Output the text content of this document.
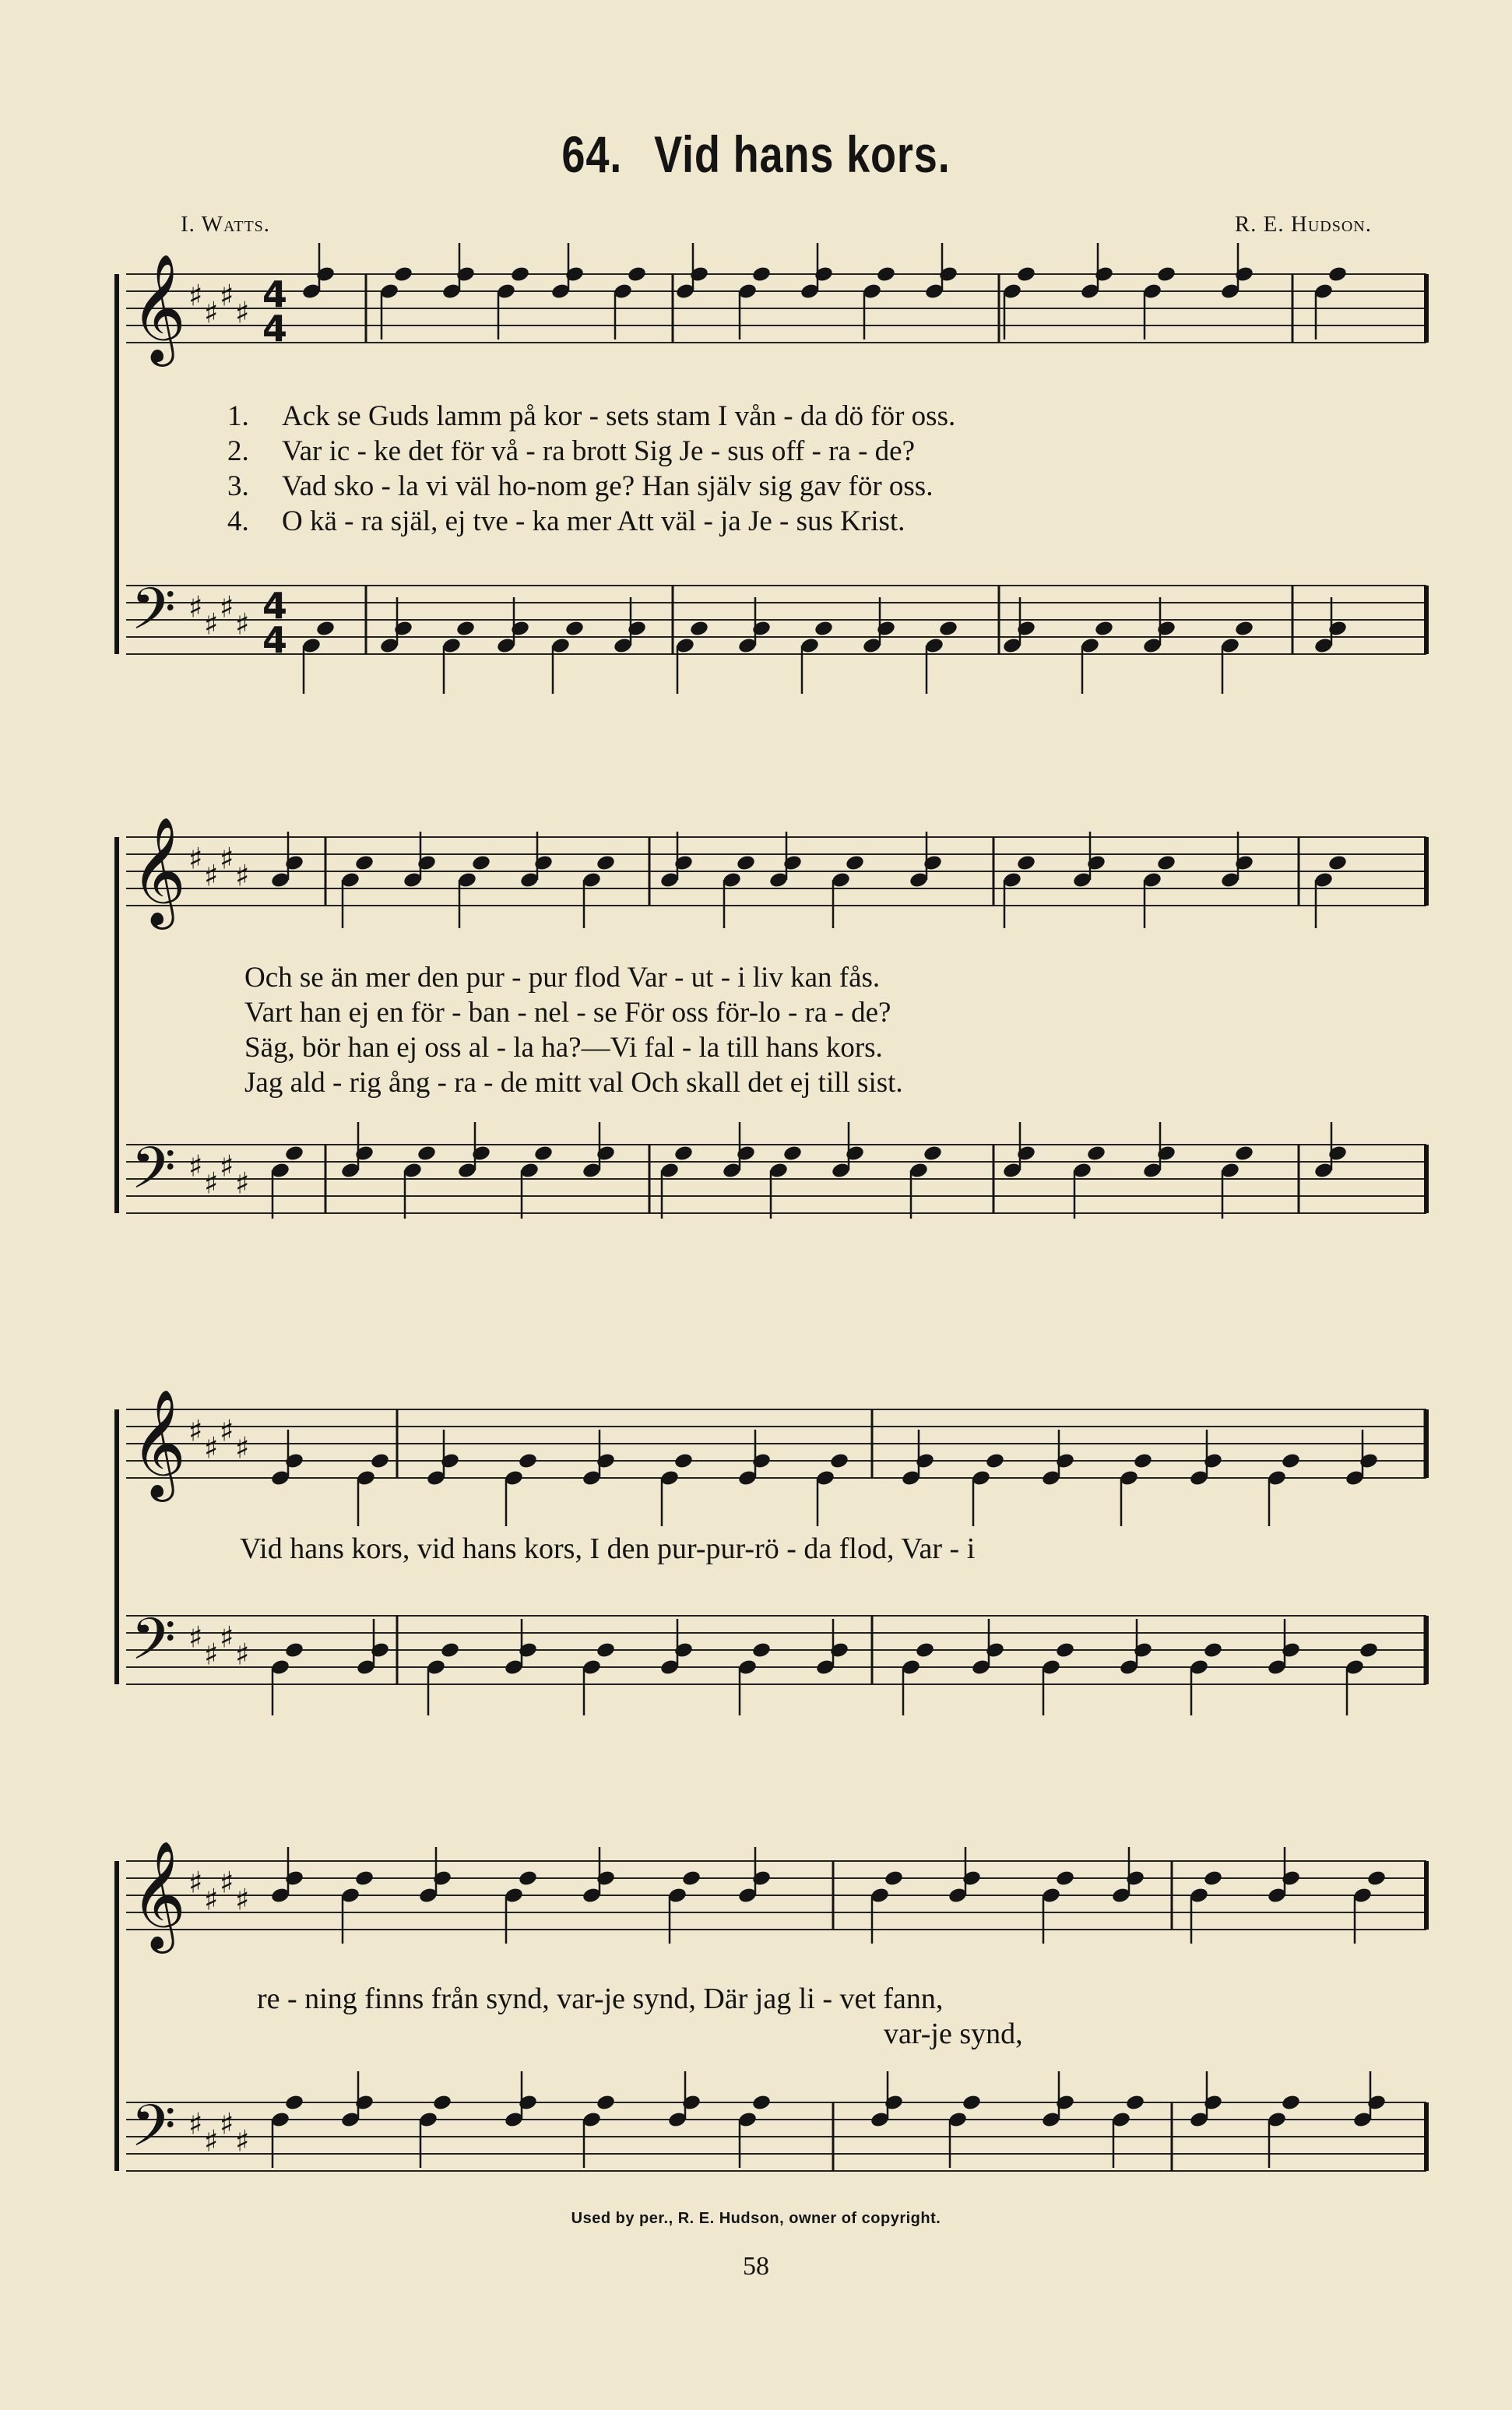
64. Vid hans kors.
I. Watts.	R. E. Hudson.
𝄞 ♯ ♯ ♯ ♯
𝄢 ♯ ♯ ♯ ♯
4
4
4
4
𝄞 ♯ ♯ ♯ ♯
𝄢 ♯ ♯ ♯ ♯
𝄞 ♯ ♯ ♯ ♯
𝄢 ♯ ♯ ♯ ♯
𝄞 ♯ ♯ ♯ ♯
𝄢 ♯ ♯ ♯ ♯
1. Ack se Guds lamm på kor - sets stam I vån - da dö för oss.
2. Var ic - ke det för vå - ra brott Sig Je - sus off - ra - de?
3. Vad sko - la vi väl ho-nom ge? Han själv sig gav för oss.
4. O kä - ra själ, ej tve - ka mer Att väl - ja Je - sus Krist.
Och se än mer den pur - pur flod Var - ut - i liv kan fås.
Vart han ej en för - ban - nel - se För oss för-lo - ra - de?
Säg, bör han ej oss al - la ha?—Vi fal - la till hans kors.
Jag ald - rig ång - ra - de mitt val Och skall det ej till sist.
Vid hans kors, vid hans kors, I den pur-pur-rö - da flod, Var - i
re - ning finns från synd, var-je synd, Där jag li - vet fann,
var-je synd,
Used by per., R. E. Hudson, owner of copyright.
58
